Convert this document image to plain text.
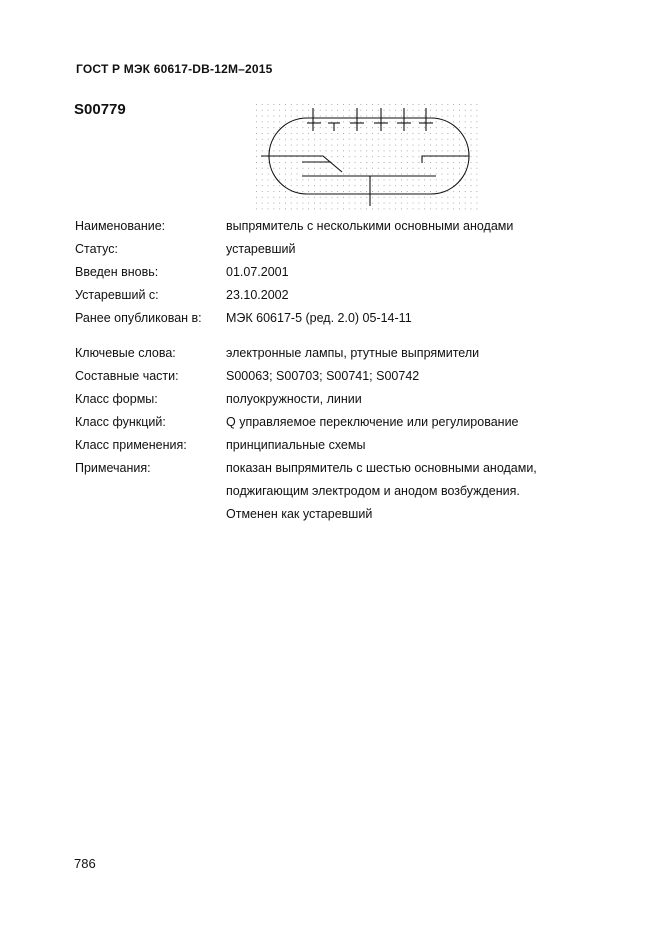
ГОСТ Р МЭК 60617-DB-12M–2015
S00779
Наименование:	выпрямитель с несколькими основными анодами
Статус:	устаревший
Введен вновь:	01.07.2001
Устаревший с:	23.10.2002
Ранее опубликован в: МЭК 60617-5 (ред. 2.0) 05-14-11
Ключевые слова:	электронные лампы, ртутные выпрямители
Составные части:	S00063; S00703; S00741; S00742
Класс формы:	полуокружности, линии
Класс функций:	Q управляемое переключение или регулирование
Класс применения:	принципиальные схемы
Примечания:	показан выпрямитель с шестью основными анодами,
поджигающим электродом и анодом возбуждения.
Отменен как устаревший
786
